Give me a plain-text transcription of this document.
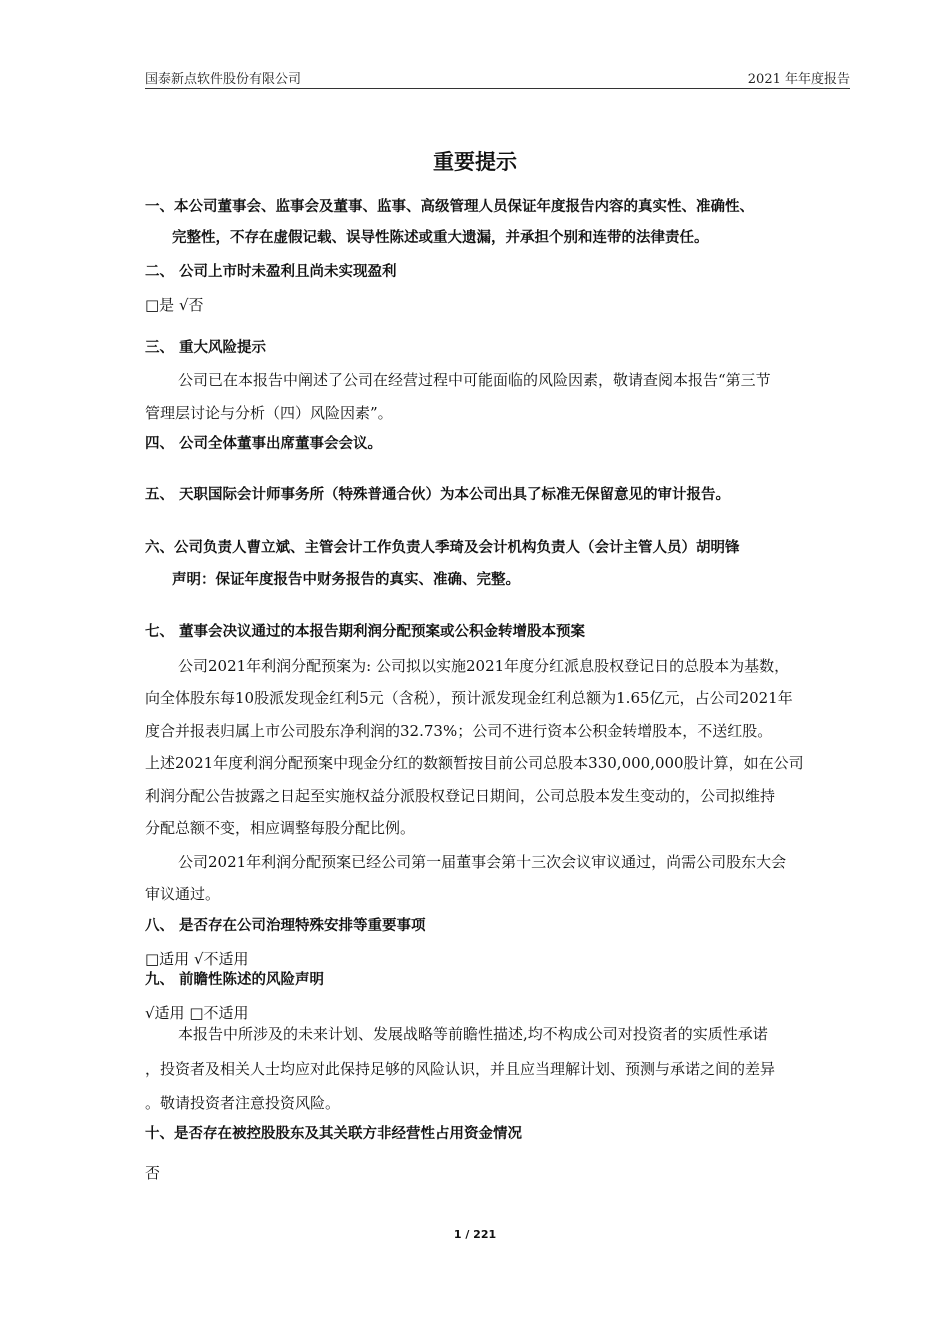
国泰新点软件股份有限公司	2021 年年度报告
重要提示
一、本公司董事会、监事会及董事、监事、高级管理人员保证年度报告内容的真实性、准确性、
完整性，不存在虚假记载、误导性陈述或重大遗漏，并承担个别和连带的法律责任。
二、 公司上市时未盈利且尚未实现盈利
□是 √否
三、 重大风险提示
公司已在本报告中阐述了公司在经营过程中可能面临的风险因素，敬请查阅本报告“第三节
管理层讨论与分析（四）风险因素”。
四、 公司全体董事出席董事会会议。
五、 天职国际会计师事务所（特殊普通合伙）为本公司出具了标准无保留意见的审计报告。
六、公司负责人曹立斌、主管会计工作负责人季琦及会计机构负责人（会计主管人员）胡明锋
声明：保证年度报告中财务报告的真实、准确、完整。
七、 董事会决议通过的本报告期利润分配预案或公积金转增股本预案
公司2021年利润分配预案为: 公司拟以实施2021年度分红派息股权登记日的总股本为基数，
向全体股东每10股派发现金红利5元（含税），预计派发现金红利总额为1.65亿元，占公司2021年
度合并报表归属上市公司股东净利润的32.73%；公司不进行资本公积金转增股本，不送红股。
上述2021年度利润分配预案中现金分红的数额暂按目前公司总股本330,000,000股计算，如在公司
利润分配公告披露之日起至实施权益分派股权登记日期间，公司总股本发生变动的，公司拟维持
分配总额不变，相应调整每股分配比例。
公司2021年利润分配预案已经公司第一届董事会第十三次会议审议通过，尚需公司股东大会
审议通过。
八、 是否存在公司治理特殊安排等重要事项
□适用 √不适用
九、 前瞻性陈述的风险声明
√适用 □不适用
本报告中所涉及的未来计划、发展战略等前瞻性描述,均不构成公司对投资者的实质性承诺
，投资者及相关人士均应对此保持足够的风险认识，并且应当理解计划、预测与承诺之间的差异
。敬请投资者注意投资风险。
十、是否存在被控股股东及其关联方非经营性占用资金情况
否
1 / 221
